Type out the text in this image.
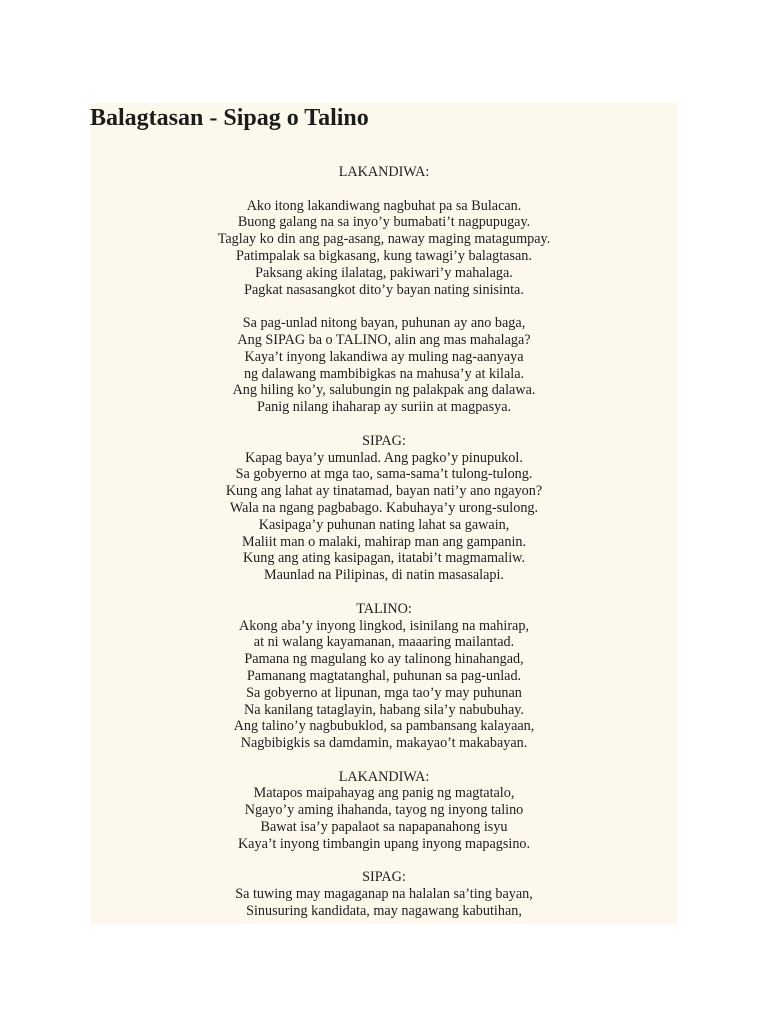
Balagtasan - Sipag o Talino
LAKANDIWA:
Ako itong lakandiwang nagbuhat pa sa Bulacan.
Buong galang na sa inyo’y bumabati’t nagpupugay.
Taglay ko din ang pag-asang, naway maging matagumpay.
Patimpalak sa bigkasang, kung tawagi’y balagtasan.
Paksang aking ilalatag, pakiwari’y mahalaga.
Pagkat nasasangkot dito’y bayan nating sinisinta.
Sa pag-unlad nitong bayan, puhunan ay ano baga,
Ang SIPAG ba o TALINO, alin ang mas mahalaga?
Kaya’t inyong lakandiwa ay muling nag-aanyaya
ng dalawang mambibigkas na mahusa’y at kilala.
Ang hiling ko’y, salubungin ng palakpak ang dalawa.
Panig nilang ihaharap ay suriin at magpasya.
SIPAG:
Kapag baya’y umunlad. Ang pagko’y pinupukol.
Sa gobyerno at mga tao, sama-sama’t tulong-tulong.
Kung ang lahat ay tinatamad, bayan nati’y ano ngayon?
Wala na ngang pagbabago. Kabuhaya’y urong-sulong.
Kasipaga’y puhunan nating lahat sa gawain,
Maliit man o malaki, mahirap man ang gampanin.
Kung ang ating kasipagan, itatabi’t magmamaliw.
Maunlad na Pilipinas, di natin masasalapi.
TALINO:
Akong aba’y inyong lingkod, isinilang na mahirap,
at ni walang kayamanan, maaaring mailantad.
Pamana ng magulang ko ay talinong hinahangad,
Pamanang magtatanghal, puhunan sa pag-unlad.
Sa gobyerno at lipunan, mga tao’y may puhunan
Na kanilang tataglayin, habang sila’y nabubuhay.
Ang talino’y nagbubuklod, sa pambansang kalayaan,
Nagbibigkis sa damdamin, makayao’t makabayan.
LAKANDIWA:
Matapos maipahayag ang panig ng magtatalo,
Ngayo’y aming ihahanda, tayog ng inyong talino
Bawat isa’y papalaot sa napapanahong isyu
Kaya’t inyong timbangin upang inyong mapagsino.
SIPAG:
Sa tuwing may magaganap na halalan sa’ting bayan,
Sinusuring kandidata, may nagawang kabutihan,
